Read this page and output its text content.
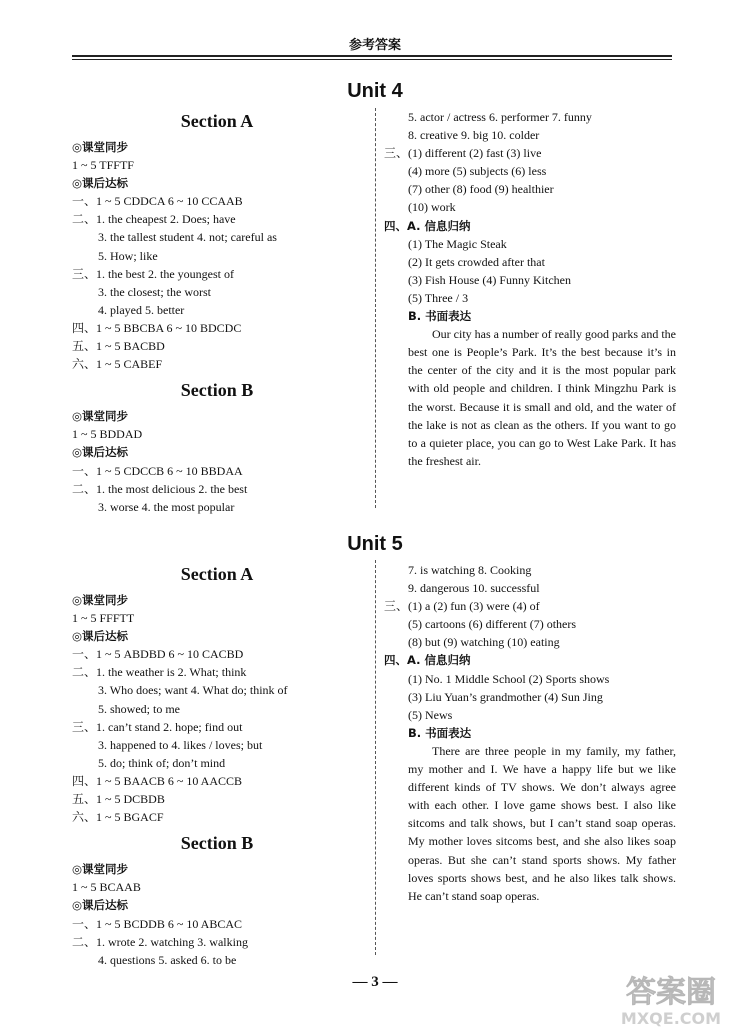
参考答案
Unit 4
Section A
◎课堂同步
1 ~ 5 TFFTF
◎课后达标
一、1 ~ 5 CDDCA 6 ~ 10 CCAAB
二、1. the cheapest 2. Does; have
3. the tallest student 4. not; careful as
5. How; like
三、1. the best 2. the youngest of
3. the closest; the worst
4. played 5. better
四、1 ~ 5 BBCBA 6 ~ 10 BDCDC
五、1 ~ 5 BACBD
六、1 ~ 5 CABEF
Section B
◎课堂同步
1 ~ 5 BDDAD
◎课后达标
一、1 ~ 5 CDCCB 6 ~ 10 BBDAA
二、1. the most delicious 2. the best
3. worse 4. the most popular
5. actor / actress 6. performer 7. funny
8. creative 9. big 10. colder
三、(1) different (2) fast (3) live
(4) more (5) subjects (6) less
(7) other (8) food (9) healthier
(10) work
四、A. 信息归纳
(1) The Magic Steak
(2) It gets crowded after that
(3) Fish House (4) Funny Kitchen
(5) Three / 3
B. 书面表达
Our city has a number of really good parks and the best one is People’s Park. It’s the best because it’s in the center of the city and it is the most popular park with old people and children. I think Mingzhu Park is the worst. Because it is small and old, and the water of the lake is not as clean as the others. If you want to go to a quieter place, you can go to West Lake Park. It has the freshest air.
Unit 5
Section A
◎课堂同步
1 ~ 5 FFFTT
◎课后达标
一、1 ~ 5 ABDBD 6 ~ 10 CACBD
二、1. the weather is 2. What; think
3. Who does; want 4. What do; think of
5. showed; to me
三、1. can’t stand 2. hope; find out
3. happened to 4. likes / loves; but
5. do; think of; don’t mind
四、1 ~ 5 BAACB 6 ~ 10 AACCB
五、1 ~ 5 DCBDB
六、1 ~ 5 BGACF
Section B
◎课堂同步
1 ~ 5 BCAAB
◎课后达标
一、1 ~ 5 BCDDB 6 ~ 10 ABCAC
二、1. wrote 2. watching 3. walking
4. questions 5. asked 6. to be
7. is watching 8. Cooking
9. dangerous 10. successful
三、(1) a (2) fun (3) were (4) of
(5) cartoons (6) different (7) others
(8) but (9) watching (10) eating
四、A. 信息归纳
(1) No. 1 Middle School (2) Sports shows
(3) Liu Yuan’s grandmother (4) Sun Jing
(5) News
B. 书面表达
There are three people in my family, my father, my mother and I. We have a happy life but we like different kinds of TV shows. We don’t always agree with each other. I love game shows best. I also like sitcoms and talk shows, but I can’t stand soap operas. My mother loves sitcoms best, and she also likes soap operas. But she can’t stand sports shows. My father loves sports shows best, and he also likes talk shows. He can’t stand soap operas.
— 3 —	答案圈
MXQE.COM
